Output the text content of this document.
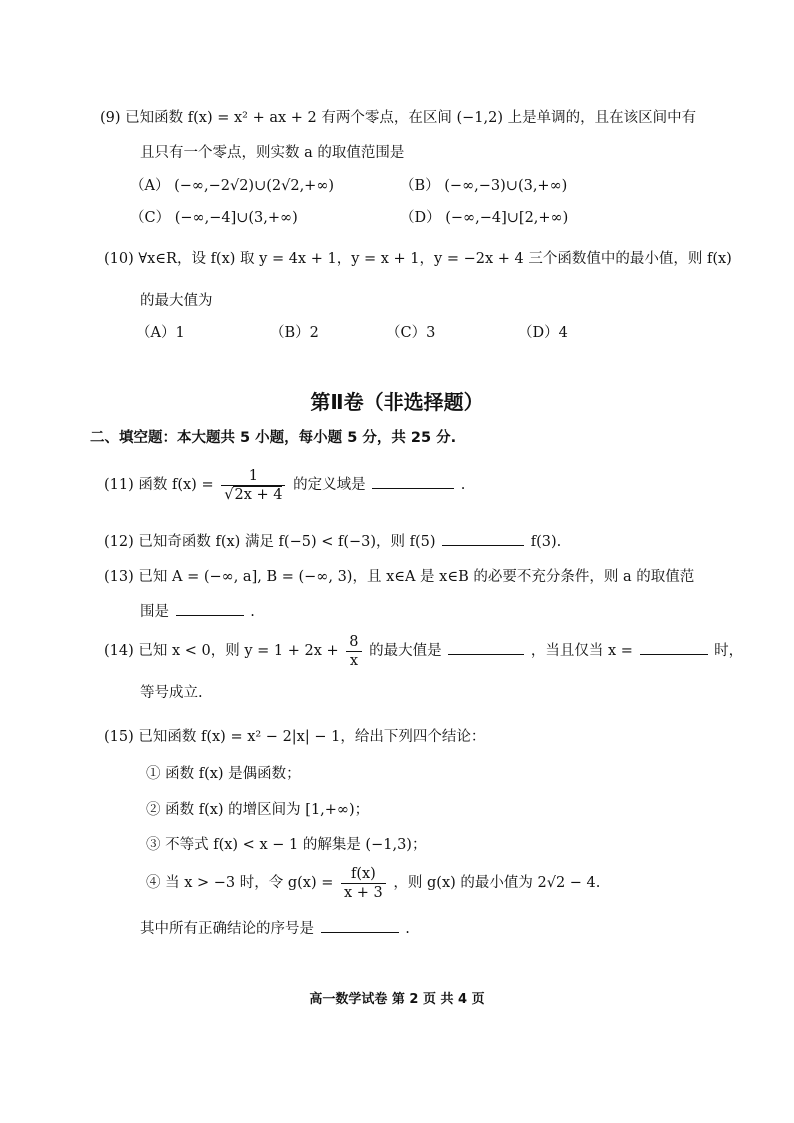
(9) 已知函数 f(x) = x² + ax + 2 有两个零点，在区间 (−1,2) 上是单调的，且在该区间中有
且只有一个零点，则实数 a 的取值范围是
（A） (−∞,−2√2)∪(2√2,+∞)	（B） (−∞,−3)∪(3,+∞)
（C） (−∞,−4]∪(3,+∞)	（D） (−∞,−4]∪[2,+∞)
(10) ∀x∈R，设 f(x) 取 y = 4x + 1，y = x + 1，y = −2x + 4 三个函数值中的最小值，则 f(x)
的最大值为
（A）1	（B）2	（C）3	（D）4
第Ⅱ卷（非选择题）
二、填空题：本大题共 5 小题，每小题 5 分，共 25 分.
(11) 函数 $f(x) = \frac{1}{√2x + 4}$ 的定义域是	.
(12) 已知奇函数 f(x) 满足 f(−5) < f(−3)，则 f(5)	f(3).
(13) 已知 A = (−∞, a], B = (−∞, 3)，且 x∈A 是 x∈B 的必要不充分条件，则 a 的取值范
围是	.
(14) 已知 x < 0，则 $y = 1 + 2x + \frac{8}{x}$ 的最大值是	，当且仅当 x =	时，
等号成立.
(15) 已知函数 f(x) = x² − 2|x| − 1，给出下列四个结论：
① 函数 f(x) 是偶函数；
② 函数 f(x) 的增区间为 [1,+∞)；
③ 不等式 f(x) < x − 1 的解集是 (−1,3)；
④ 当 x > −3 时，令 $g(x) = \frac{f(x)}{x + 3}$ ，则 g(x) 的最小值为 2√2 − 4.
其中所有正确结论的序号是	.
高一数学试卷 第 2 页 共 4 页
